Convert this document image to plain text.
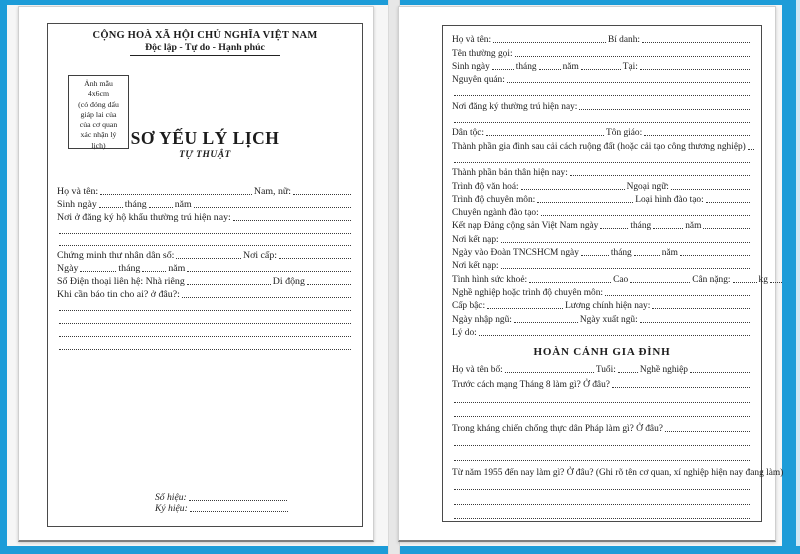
CỘNG HOÀ XÃ HỘI CHỦ NGHĨA VIỆT NAM
Độc lập - Tự do - Hạnh phúc
Ảnh mẫu
4x6cm
(có đóng dấu
giáp lai của
của cơ quan
xác nhận lý
lịch)	SƠ YẾU LÝ LỊCH
TỰ THUẬT
Họ và tên:	Nam, nữ:
Sinh ngày	tháng	năm
Nơi ở đăng ký hộ khẩu thường trú hiện nay:
Chứng minh thư nhân dân số:	Nơi cấp:
Ngày	tháng	năm
Số Điện thoại liên hệ: Nhà riêng	Di động
Khi cần báo tin cho ai? ở đâu?:
Số hiệu:
Ký hiệu:
Họ và tên:	Bí danh:
Tên thường gọi:
Sinh ngày	tháng	năm	Tại:
Nguyên quán:
Nơi đăng ký thường trú hiện nay:
Dân tộc:	Tôn giáo:
Thành phần gia đình sau cải cách ruộng đất (hoặc cải tạo công thương nghiệp)
Thành phần bản thân hiện nay:
Trình độ văn hoá:	Ngoại ngữ:
Trình độ chuyên môn:	Loại hình đào tạo:
Chuyên ngành đào tạo:
Kết nạp Đảng cộng sản Việt Nam ngày	tháng	năm
Nơi kết nạp:
Ngày vào Đoàn TNCSHCM ngày	tháng	năm
Nơi kết nạp:
Tình hình sức khoẻ:	Cao	Cân nặng:	kg
Nghề nghiệp hoặc trình độ chuyên môn:
Cấp bậc:	Lương chính hiện nay:
Ngày nhập ngũ:	Ngày xuất ngũ:
Lý do:
HOÀN CẢNH GIA ĐÌNH
Họ và tên bố:	Tuổi:	Nghề nghiệp
Trước cách mạng Tháng 8 làm gì? Ở đâu?
Trong kháng chiến chống thực dân Pháp làm gì? Ở đâu?
Từ năm 1955 đến nay làm gì? Ở đâu? (Ghi rõ tên cơ quan, xí nghiệp hiện nay đang làm)
